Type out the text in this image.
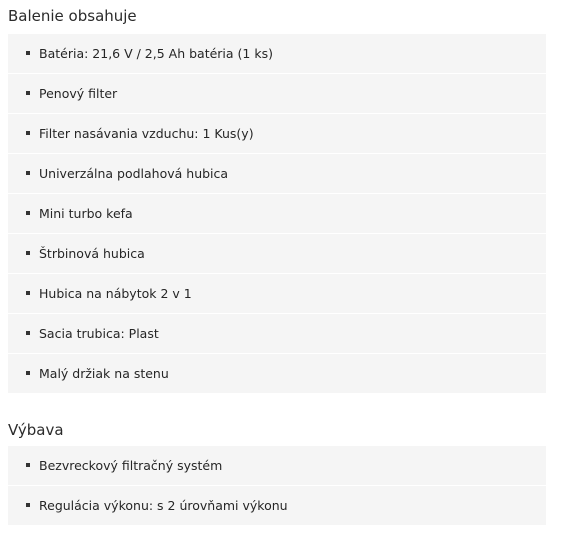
Balenie obsahuje
Batéria: 21,6 V / 2,5 Ah batéria (1 ks)
Penový filter
Filter nasávania vzduchu: 1 Kus(y)
Univerzálna podlahová hubica
Mini turbo kefa
Štrbinová hubica
Hubica na nábytok 2 v 1
Sacia trubica: Plast
Malý držiak na stenu
Výbava
Bezvreckový filtračný systém
Regulácia výkonu: s 2 úrovňami výkonu
